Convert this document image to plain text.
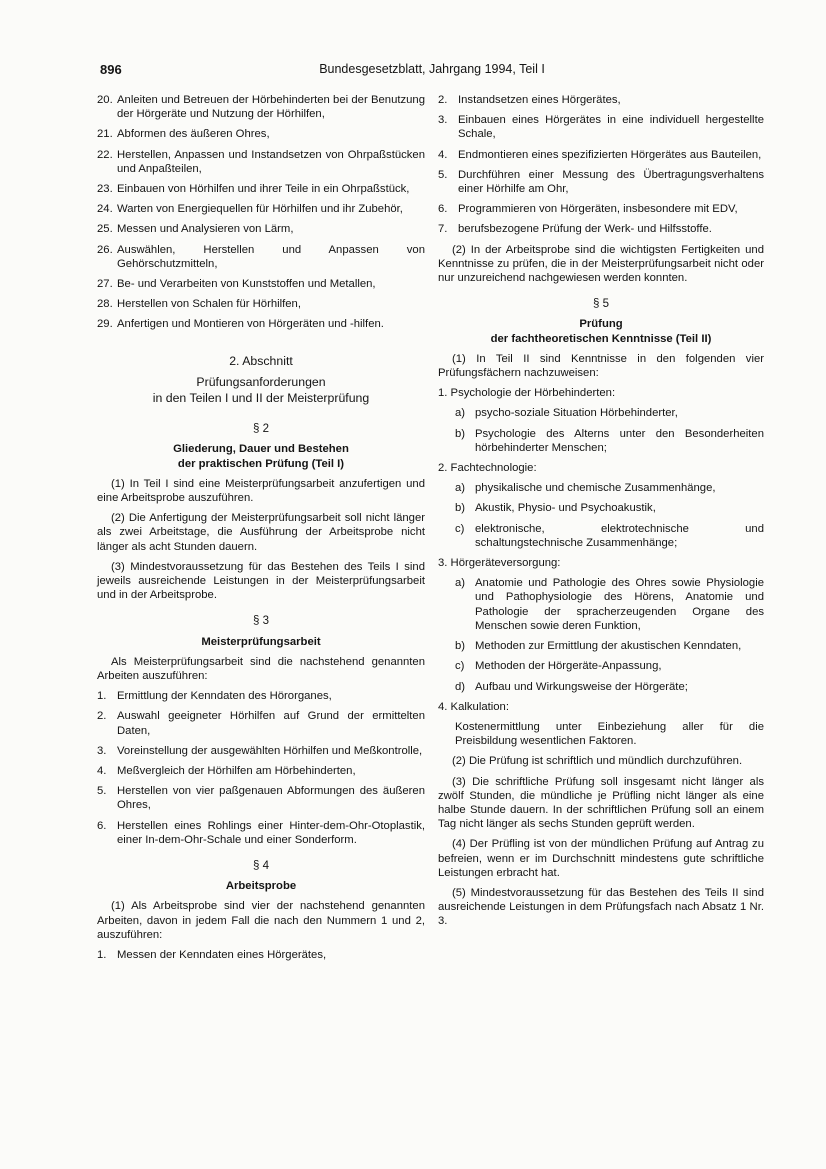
896	Bundesgesetzblatt, Jahrgang 1994, Teil I
20. Anleiten und Betreuen der Hörbehinderten bei der Benutzung der Hörgeräte und Nutzung der Hörhilfen,
21. Abformen des äußeren Ohres,
22. Herstellen, Anpassen und Instandsetzen von Ohrpaßstücken und Anpaßteilen,
23. Einbauen von Hörhilfen und ihrer Teile in ein Ohrpaßstück,
24. Warten von Energiequellen für Hörhilfen und ihr Zubehör,
25. Messen und Analysieren von Lärm,
26. Auswählen, Herstellen und Anpassen von Gehörschutzmitteln,
27. Be- und Verarbeiten von Kunststoffen und Metallen,
28. Herstellen von Schalen für Hörhilfen,
29. Anfertigen und Montieren von Hörgeräten und -hilfen.
2. Abschnitt
Prüfungsanforderungen
in den Teilen I und II der Meisterprüfung
§ 2
Gliederung, Dauer und Bestehen
der praktischen Prüfung (Teil I)

(1) In Teil I sind eine Meisterprüfungsarbeit anzufertigen und eine Arbeitsprobe auszuführen.

(2) Die Anfertigung der Meisterprüfungsarbeit soll nicht länger als zwei Arbeitstage, die Ausführung der Arbeitsprobe nicht länger als acht Stunden dauern.

(3) Mindestvoraussetzung für das Bestehen des Teils I sind jeweils ausreichende Leistungen in der Meisterprüfungsarbeit und in der Arbeitsprobe.

§ 3
Meisterprüfungsarbeit

Als Meisterprüfungsarbeit sind die nachstehend genannten Arbeiten auszuführen:

1. Ermittlung der Kenndaten des Hörorganes,
2. Auswahl geeigneter Hörhilfen auf Grund der ermittelten Daten,
3. Voreinstellung der ausgewählten Hörhilfen und Meßkontrolle,
4. Meßvergleich der Hörhilfen am Hörbehinderten,
5. Herstellen von vier paßgenauen Abformungen des äußeren Ohres,
6. Herstellen eines Rohlings einer Hinter-dem-Ohr-Otoplastik, einer In-dem-Ohr-Schale und einer Sonderform.
§ 4
Arbeitsprobe

(1) Als Arbeitsprobe sind vier der nachstehend genannten Arbeiten, davon in jedem Fall die nach den Nummern 1 und 2, auszuführen:

1. Messen der Kenndaten eines Hörgerätes,
2. Instandsetzen eines Hörgerätes,
3. Einbauen eines Hörgerätes in eine individuell hergestellte Schale,
4. Endmontieren eines spezifizierten Hörgerätes aus Bauteilen,
5. Durchführen einer Messung des Übertragungsverhaltens einer Hörhilfe am Ohr,
6. Programmieren von Hörgeräten, insbesondere mit EDV,
7. berufsbezogene Prüfung der Werk- und Hilfsstoffe.

(2) In der Arbeitsprobe sind die wichtigsten Fertigkeiten und Kenntnisse zu prüfen, die in der Meisterprüfungsarbeit nicht oder nur unzureichend nachgewiesen werden konnten.

§ 5
Prüfung
der fachtheoretischen Kenntnisse (Teil II)

(1) In Teil II sind Kenntnisse in den folgenden vier Prüfungsfächern nachzuweisen:

1. Psychologie der Hörbehinderten:
a) psycho-soziale Situation Hörbehinderter,
b) Psychologie des Alterns unter den Besonderheiten hörbehinderter Menschen;
2. Fachtechnologie:
a) physikalische und chemische Zusammenhänge,
b) Akustik, Physio- und Psychoakustik,
c) elektronische, elektrotechnische und schaltungstechnische Zusammenhänge;
3. Hörgeräteversorgung:
a) Anatomie und Pathologie des Ohres sowie Physiologie und Pathophysiologie des Hörens, Anatomie und Pathologie der spracherzeugenden Organe des Menschen sowie deren Funktion,
b) Methoden zur Ermittlung der akustischen Kenndaten,
c) Methoden der Hörgeräte-Anpassung,
d) Aufbau und Wirkungsweise der Hörgeräte;
4. Kalkulation:

Kostenermittlung unter Einbeziehung aller für die Preisbildung wesentlichen Faktoren.

(2) Die Prüfung ist schriftlich und mündlich durchzuführen.

(3) Die schriftliche Prüfung soll insgesamt nicht länger als zwölf Stunden, die mündliche je Prüfling nicht länger als eine halbe Stunde dauern. In der schriftlichen Prüfung soll an einem Tag nicht länger als sechs Stunden geprüft werden.

(4) Der Prüfling ist von der mündlichen Prüfung auf Antrag zu befreien, wenn er im Durchschnitt mindestens gute schriftliche Leistungen erbracht hat.

(5) Mindestvoraussetzung für das Bestehen des Teils II sind ausreichende Leistungen in dem Prüfungsfach nach Absatz 1 Nr. 3.
